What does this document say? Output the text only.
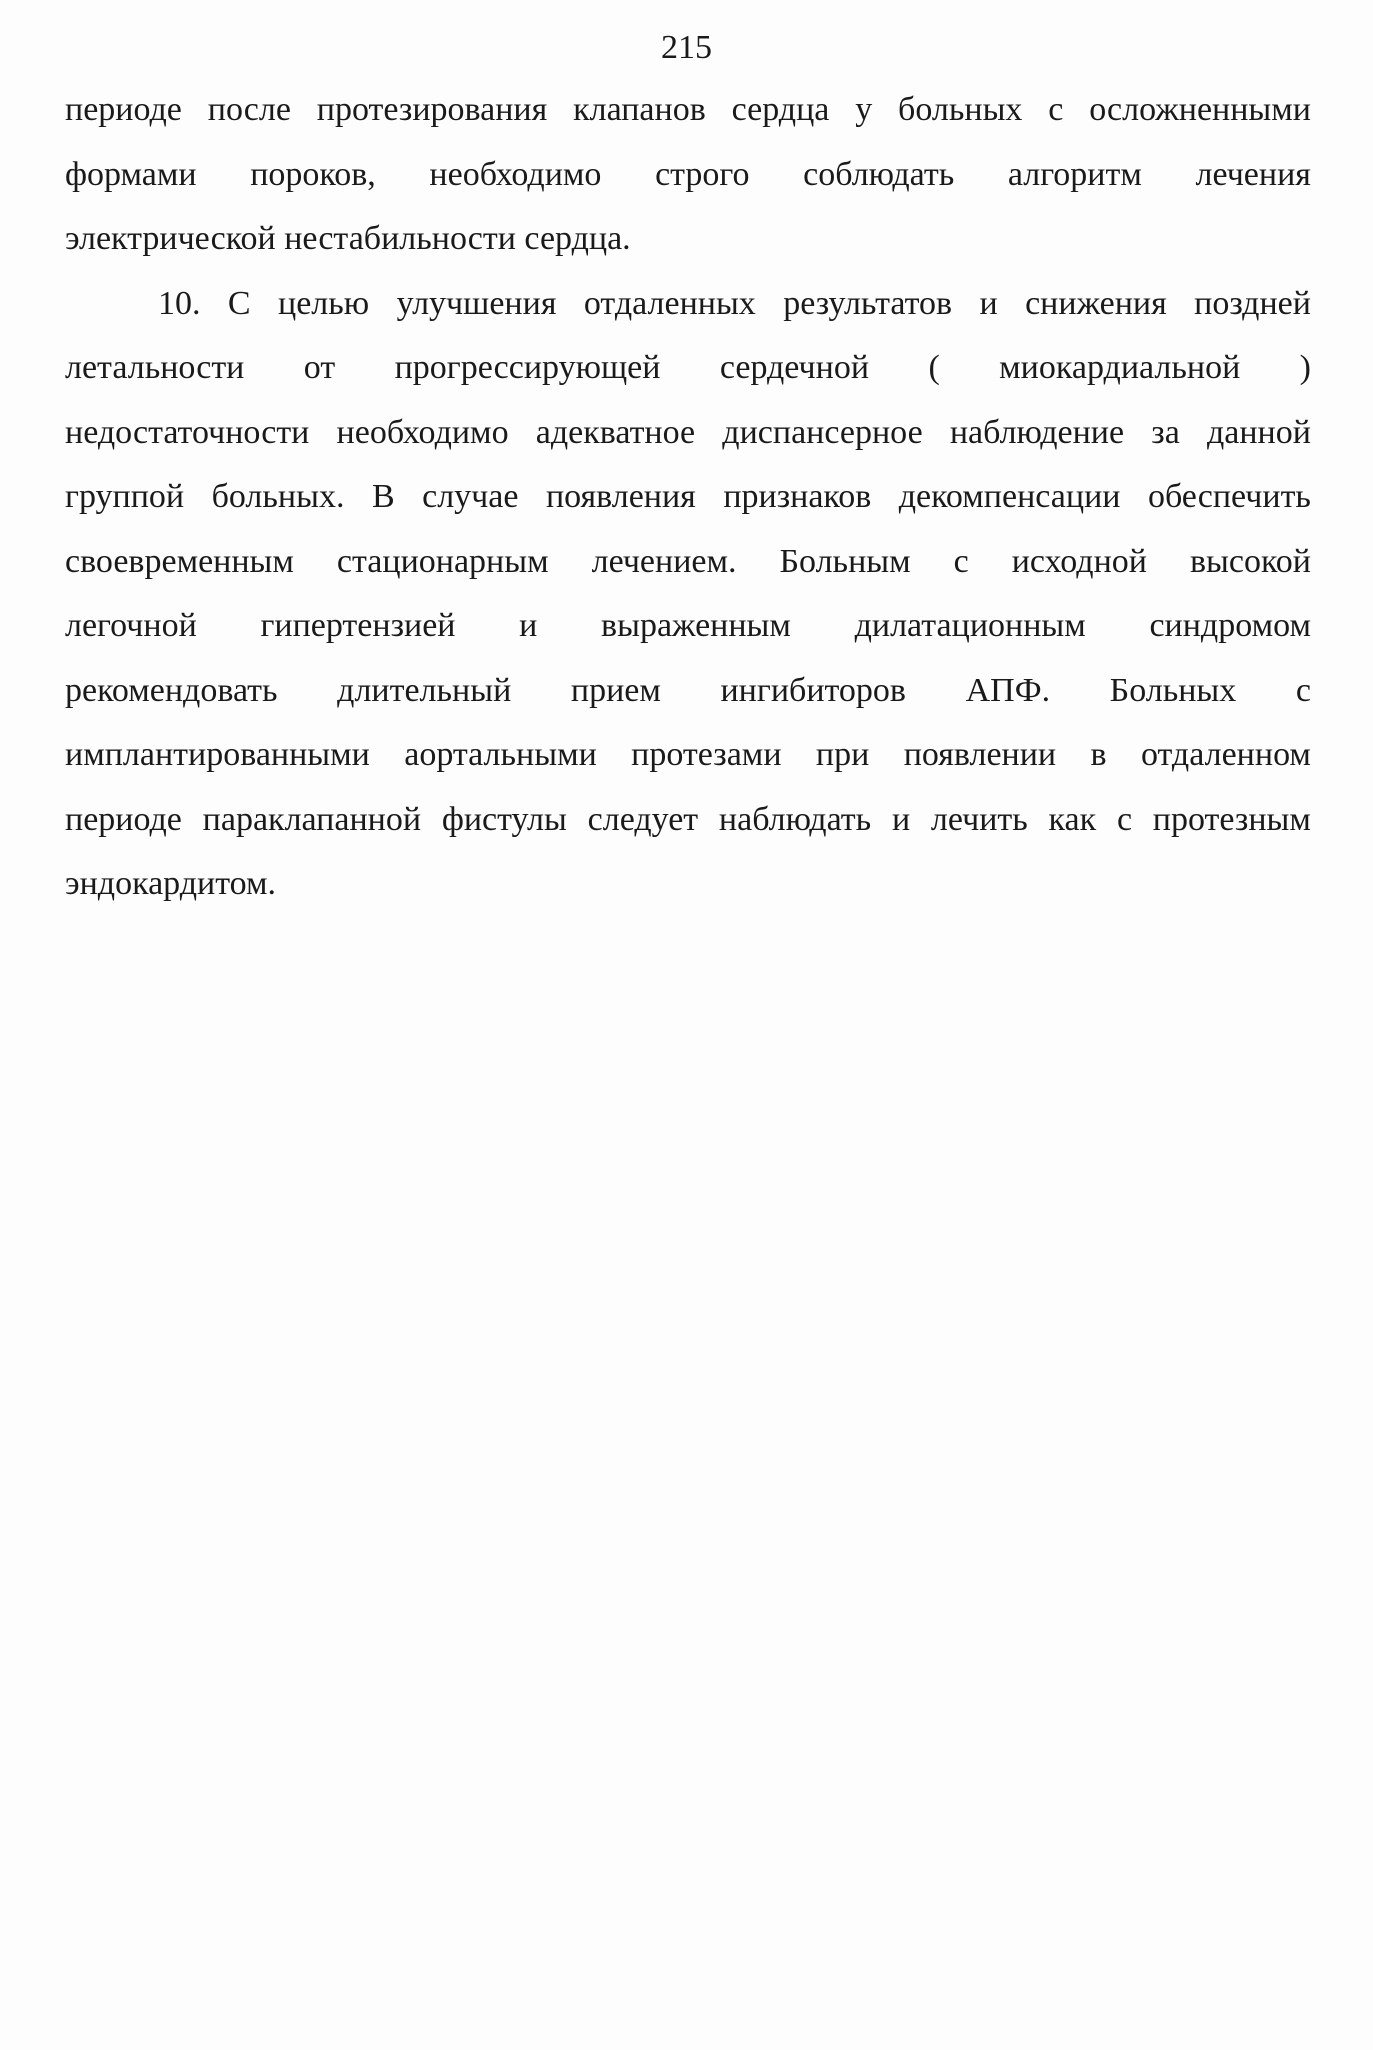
215
периоде после протезирования клапанов сердца у больных с осложненными
формами пороков, необходимо строго соблюдать алгоритм лечения
электрической нестабильности сердца.
10. С целью улучшения отдаленных результатов и снижения поздней
летальности от прогрессирующей сердечной ( миокардиальной )
недостаточности необходимо адекватное диспансерное наблюдение за данной
группой больных. В случае появления признаков декомпенсации обеспечить
своевременным стационарным лечением. Больным с исходной высокой
легочной гипертензией и выраженным дилатационным синдромом
рекомендовать длительный прием ингибиторов АПФ. Больных с
имплантированными аортальными протезами при появлении в отдаленном
периоде параклапанной фистулы следует наблюдать и лечить как с протезным
эндокардитом.
